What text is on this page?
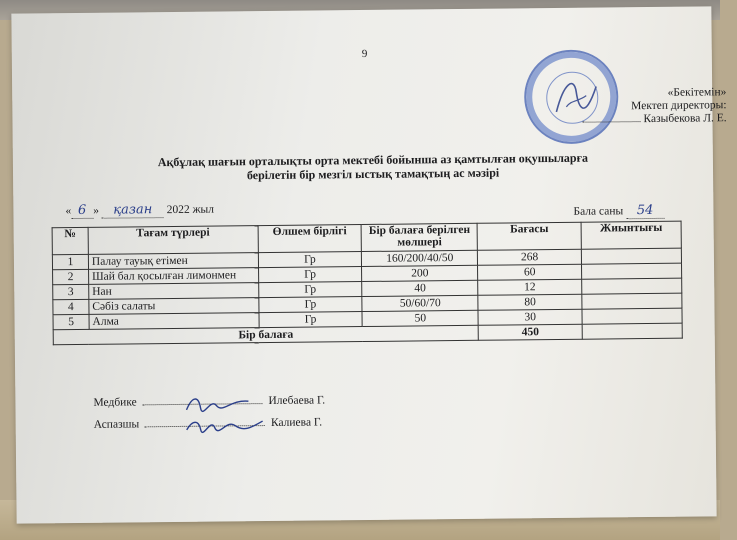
9
«Бекітемін»
Мектеп директоры:
Казыбекова Л. Е.
Ақбұлақ шағын орталықты орта мектебі бойынша аз қамтылған оқушыларға
берілетін бір мезгіл ыстық тамақтың ас мәзірі
« 6 » қазан 2022 жыл	Бала саны 54
№	Тағам түрлері	Өлшем бірлігі	Бір балаға берілген мөлшері	Бағасы	Жиынтығы
1	Палау тауық етімен	Гр	160/200/40/50	268	
2	Шай бал қосылған лимонмен	Гр	200	60	
3	Нан	Гр	40	12	
4	Сәбіз салаты	Гр	50/60/70	80	
5	Алма	Гр	50	30	
Бір балаға				450	
Медбике	Илебаева Г.
Аспазшы	Калиева Г.
